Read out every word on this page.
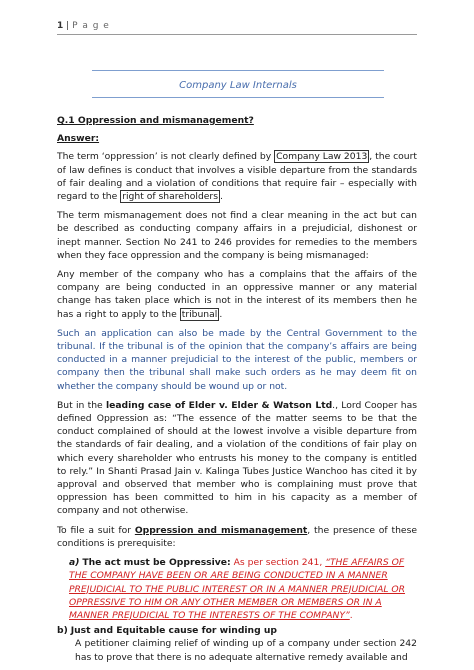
1 | P a g e
Company Law Internals

Q.1 Oppression and mismanagement?

Answer:

The term ‘oppression’ is not clearly defined by Company Law 2013 , the court of law defines is conduct that involves a visible departure from the standards of fair dealing and a violation of conditions that require fair – especially with regard to the right of shareholders .

The term mismanagement does not find a clear meaning in the act but can be described as conducting company affairs in a prejudicial, dishonest or inept manner. Section No 241 to 246 provides for remedies to the members when they face oppression and the company is being mismanaged:

Any member of the company who has a complains that the affairs of the company are being conducted in an oppressive manner or any material change has taken place which is not in the interest of its members then he has a right to apply to the tribunal .

Such an application can also be made by the Central Government to the tribunal. If the tribunal is of the opinion that the company’s affairs are being conducted in a manner prejudicial to the interest of the public, members or company then the tribunal shall make such orders as he may deem fit on whether the company should be wound up or not.

But in the leading case of Elder v. Elder & Watson Ltd., Lord Cooper has defined Oppression as: “The essence of the matter seems to be that the conduct complained of should at the lowest involve a visible departure from the standards of fair dealing, and a violation of the conditions of fair play on which every shareholder who entrusts his money to the company is entitled to rely.” In Shanti Prasad Jain v. Kalinga Tubes Justice Wanchoo has cited it by approval and observed that member who is complaining must prove that oppression has been committed to him in his capacity as a member of company and not otherwise.

To file a suit for Oppression and mismanagement, the presence of these conditions is prerequisite:

a) The act must be Oppressive: As per section 241, “THE AFFAIRS OF THE COMPANY HAVE BEEN OR ARE BEING CONDUCTED IN A MANNER PREJUDICIAL TO THE PUBLIC INTEREST OR IN A MANNER PREJUDICIAL OR OPPRESSIVE TO HIM OR ANY OTHER MEMBER OR MEMBERS OR IN A MANNER PREJUDICIAL TO THE INTERESTS OF THE COMPANY”.
b) Just and Equitable cause for winding up
A petitioner claiming relief of winding up of a company under section 242 has to prove that there is no adequate alternative remedy available and
